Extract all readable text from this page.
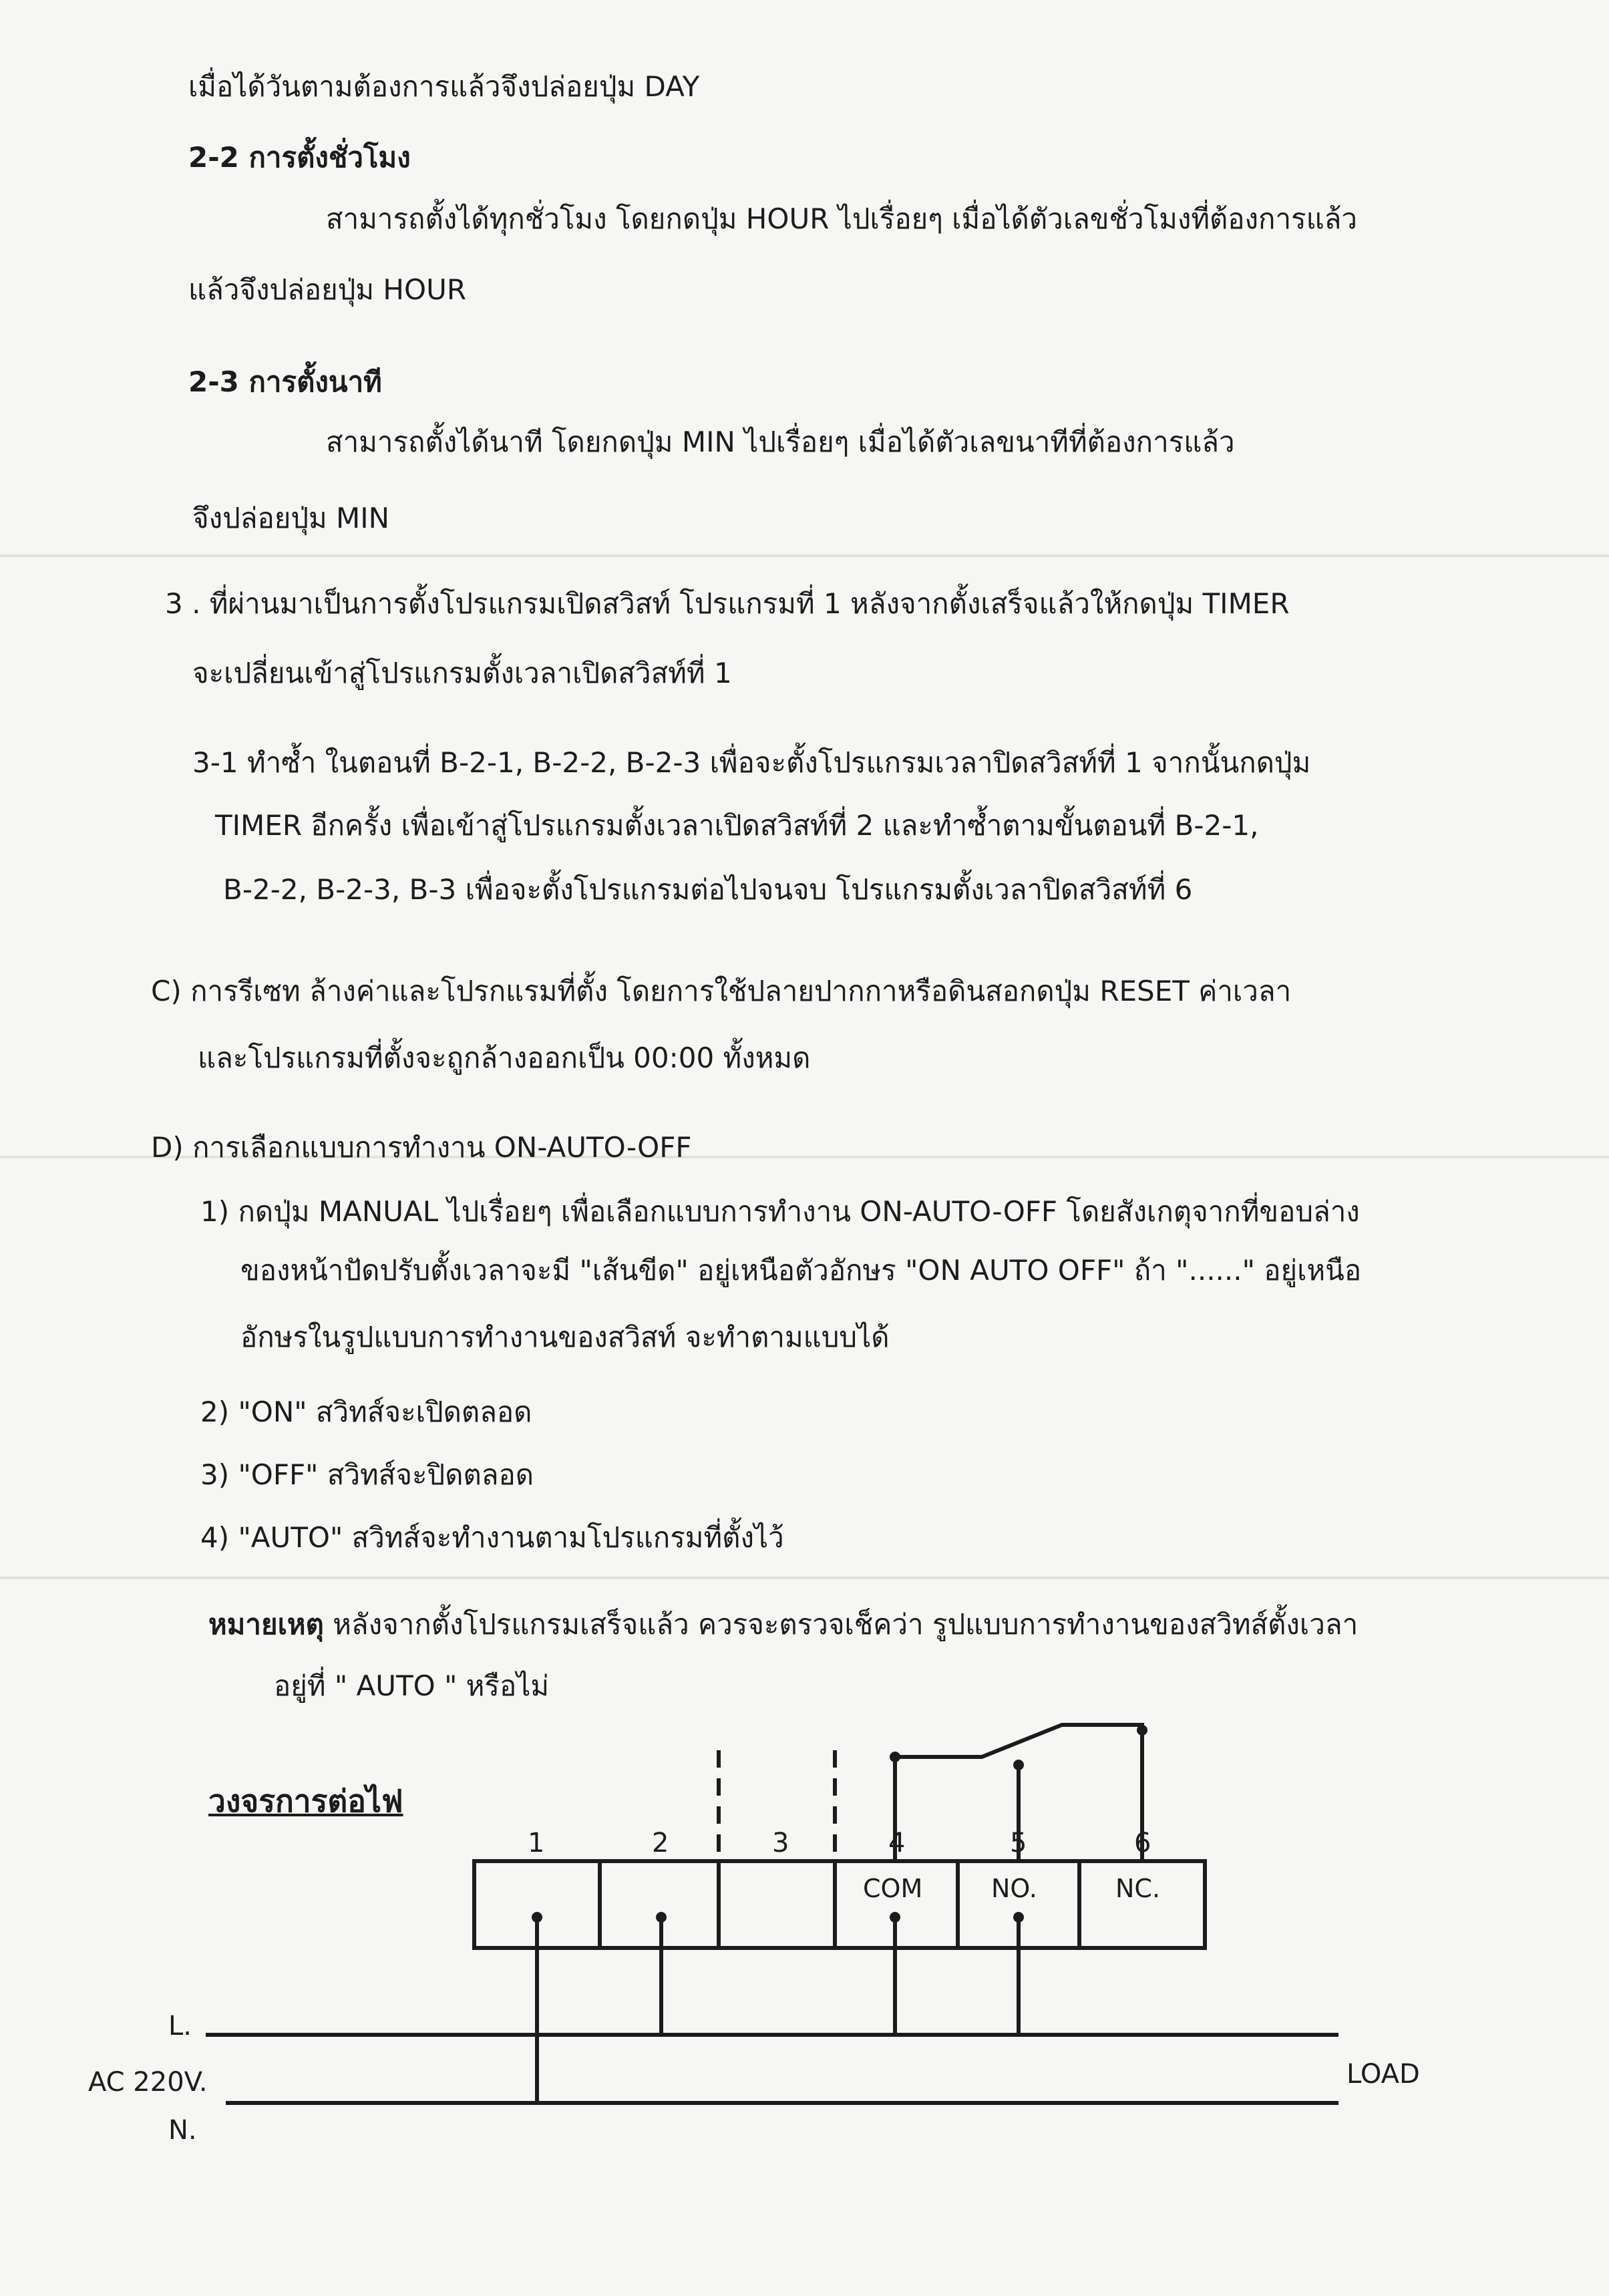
เมื่อได้วันตามต้องการแล้วจึงปล่อยปุ่ม DAY
2-2 การตั้งชั่วโมง
สามารถตั้งได้ทุกชั่วโมง โดยกดปุ่ม HOUR ไปเรื่อยๆ เมื่อได้ตัวเลขชั่วโมงที่ต้องการแล้ว
แล้วจึงปล่อยปุ่ม HOUR
2-3 การตั้งนาที
สามารถตั้งได้นาที โดยกดปุ่ม MIN ไปเรื่อยๆ เมื่อได้ตัวเลขนาทีที่ต้องการแล้ว
จึงปล่อยปุ่ม MIN
3 . ที่ผ่านมาเป็นการตั้งโปรแกรมเปิดสวิสท์ โปรแกรมที่ 1 หลังจากตั้งเสร็จแล้วให้กดปุ่ม TIMER
จะเปลี่ยนเข้าสู่โปรแกรมตั้งเวลาเปิดสวิสท์ที่ 1
3-1 ทำซ้ำ ในตอนที่ B-2-1, B-2-2, B-2-3 เพื่อจะตั้งโปรแกรมเวลาปิดสวิสท์ที่ 1 จากนั้นกดปุ่ม
TIMER อีกครั้ง เพื่อเข้าสู่โปรแกรมตั้งเวลาเปิดสวิสท์ที่ 2 และทำซ้ำตามขั้นตอนที่ B-2-1,
B-2-2, B-2-3, B-3 เพื่อจะตั้งโปรแกรมต่อไปจนจบ โปรแกรมตั้งเวลาปิดสวิสท์ที่ 6
C) การรีเซท ล้างค่าและโปรกแรมที่ตั้ง โดยการใช้ปลายปากกาหรือดินสอกดปุ่ม RESET ค่าเวลา
และโปรแกรมที่ตั้งจะถูกล้างออกเป็น 00:00 ทั้งหมด
D) การเลือกแบบการทำงาน ON-AUTO-OFF
1) กดปุ่ม MANUAL ไปเรื่อยๆ เพื่อเลือกแบบการทำงาน ON-AUTO-OFF โดยสังเกตุจากที่ขอบล่าง
ของหน้าปัดปรับตั้งเวลาจะมี "เส้นขีด" อยู่เหนือตัวอักษร "ON AUTO OFF" ถ้า "......" อยู่เหนือ
อักษรในรูปแบบการทำงานของสวิสท์ จะทำตามแบบได้
2) "ON" สวิทส์จะเปิดตลอด
3) "OFF" สวิทส์จะปิดตลอด
4) "AUTO" สวิทส์จะทำงานตามโปรแกรมที่ตั้งไว้
หมายเหตุ หลังจากตั้งโปรแกรมเสร็จแล้ว ควรจะตรวจเช็คว่า รูปแบบการทำงานของสวิทส์ตั้งเวลา
อยู่ที่ " AUTO " หรือไม่
วงจรการต่อไฟ
1	2	3	4	5	6
COM	NO.	NC.
L.
AC 220V.
N.
LOAD
